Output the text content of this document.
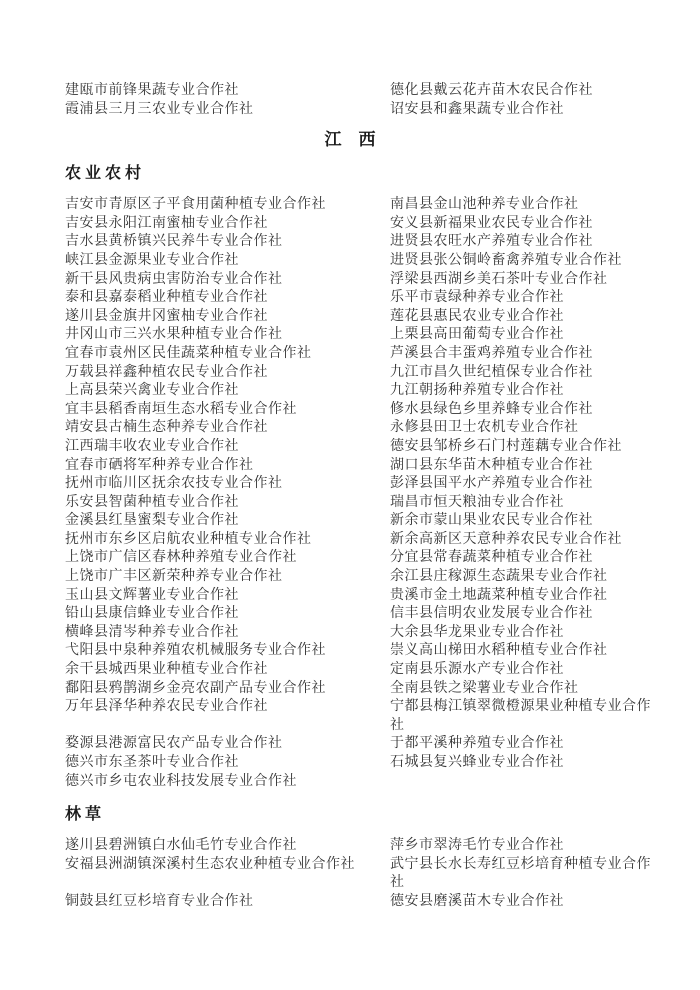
建瓯市前锋果蔬专业合作社	德化县戴云花卉苗木农民合作社
霞浦县三月三农业专业合作社	诏安县和鑫果蔬专业合作社
江　西
农业农村
吉安市青原区子平食用菌种植专业合作社	南昌县金山池种养专业合作社
吉安县永阳江南蜜柚专业合作社	安义县新福果业农民专业合作社
吉水县黄桥镇兴民养牛专业合作社	进贤县农旺水产养殖专业合作社
峡江县金源果业专业合作社	进贤县张公铜岭畜禽养殖专业合作社
新干县风贵病虫害防治专业合作社	浮梁县西湖乡美石茶叶专业合作社
泰和县嘉泰稻业种植专业合作社	乐平市袁绿种养专业合作社
遂川县金旗井冈蜜柚专业合作社	莲花县惠民农业专业合作社
井冈山市三兴水果种植专业合作社	上栗县高田葡萄专业合作社
宜春市袁州区民佳蔬菜种植专业合作社	芦溪县合丰蛋鸡养殖专业合作社
万载县祥鑫种植农民专业合作社	九江市昌久世纪植保专业合作社
上高县荣兴禽业专业合作社	九江朝扬种养殖专业合作社
宜丰县稻香南垣生态水稻专业合作社	修水县绿色乡里养蜂专业合作社
靖安县古楠生态种养专业合作社	永修县田卫士农机专业合作社
江西瑞丰收农业专业合作社	德安县邹桥乡石门村莲藕专业合作社
宜春市硒将军种养专业合作社	湖口县东华苗木种植专业合作社
抚州市临川区抚余农技专业合作社	彭泽县国平水产养殖专业合作社
乐安县智菌种植专业合作社	瑞昌市恒天粮油专业合作社
金溪县红垦蜜梨专业合作社	新余市蒙山果业农民专业合作社
抚州市东乡区启航农业种植专业合作社	新余高新区天意种养农民专业合作社
上饶市广信区春林种养殖专业合作社	分宜县常春蔬菜种植专业合作社
上饶市广丰区新荣种养专业合作社	余江县庄稼源生态蔬果专业合作社
玉山县文辉薯业专业合作社	贵溪市金土地蔬菜种植专业合作社
铅山县康信蜂业专业合作社	信丰县信明农业发展专业合作社
横峰县清岑种养专业合作社	大余县华龙果业专业合作社
弋阳县中泉种养殖农机械服务专业合作社	崇义高山梯田水稻种植专业合作社
余干县城西果业种植专业合作社	定南县乐源水产专业合作社
鄱阳县鸦鹊湖乡金亮农副产品专业合作社	全南县铁之梁薯业专业合作社
万年县泽华种养农民专业合作社	宁都县梅江镇翠微橙源果业种植专业合作社
婺源县港源富民农产品专业合作社	于都平溪种养殖专业合作社
德兴市东圣茶叶专业合作社	石城县复兴蜂业专业合作社
德兴市乡屯农业科技发展专业合作社
林草
遂川县碧洲镇白水仙毛竹专业合作社	萍乡市翠涛毛竹专业合作社
安福县洲湖镇深溪村生态农业种植专业合作社	武宁县长水长寿红豆杉培育种植专业合作社
铜鼓县红豆杉培育专业合作社	德安县磨溪苗木专业合作社
